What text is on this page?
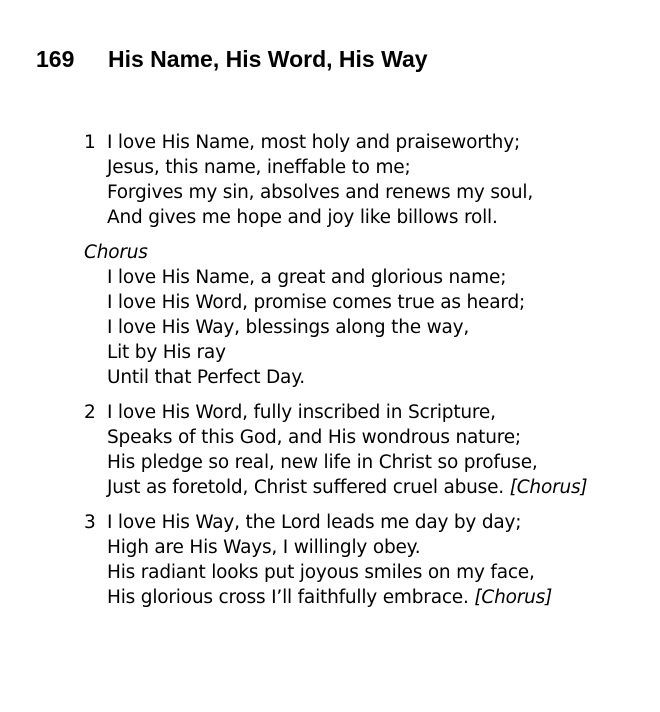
169 His Name, His Word, His Way
1 I love His Name, most holy and praiseworthy;
Jesus, this name, ineffable to me;
Forgives my sin, absolves and renews my soul,
And gives me hope and joy like billows roll.
Chorus
I love His Name, a great and glorious name;
I love His Word, promise comes true as heard;
I love His Way, blessings along the way,
Lit by His ray
Until that Perfect Day.
2 I love His Word, fully inscribed in Scripture,
Speaks of this God, and His wondrous nature;
His pledge so real, new life in Christ so profuse,
Just as foretold, Christ suffered cruel abuse. [Chorus]
3 I love His Way, the Lord leads me day by day;
High are His Ways, I willingly obey.
His radiant looks put joyous smiles on my face,
His glorious cross I’ll faithfully embrace. [Chorus]
